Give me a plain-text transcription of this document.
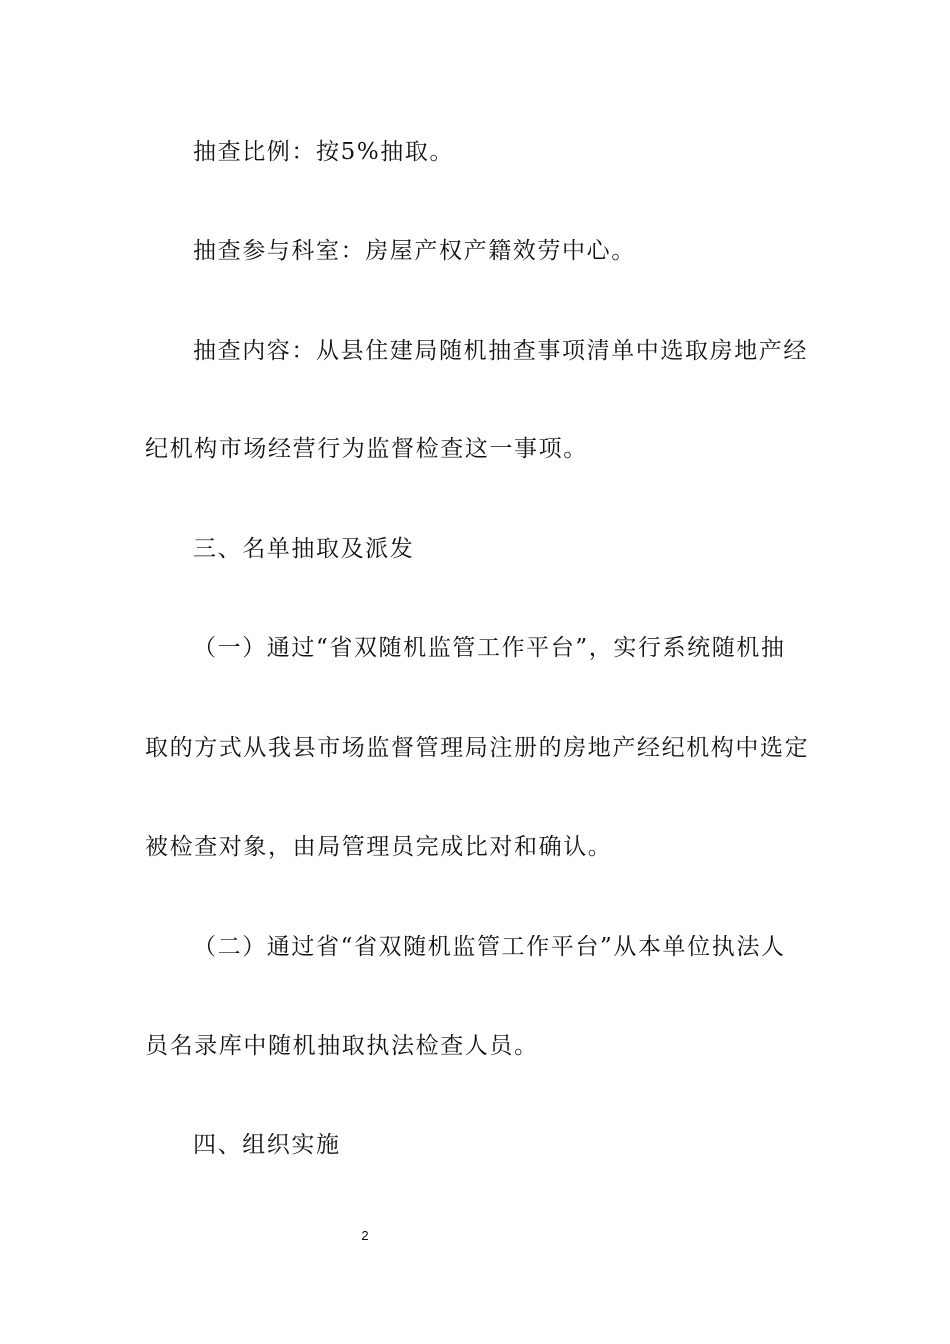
抽查比例：按5%抽取。

抽查参与科室：房屋产权产籍效劳中心。

抽查内容：从县住建局随机抽查事项清单中选取房地产经

纪机构市场经营行为监督检查这一事项。

三、名单抽取及派发

（一）通过“省双随机监管工作平台”，实行系统随机抽

取的方式从我县市场监督管理局注册的房地产经纪机构中选定

被检查对象，由局管理员完成比对和确认。

（二）通过省“省双随机监管工作平台”从本单位执法人

员名录库中随机抽取执法检查人员。

四、组织实施
2
